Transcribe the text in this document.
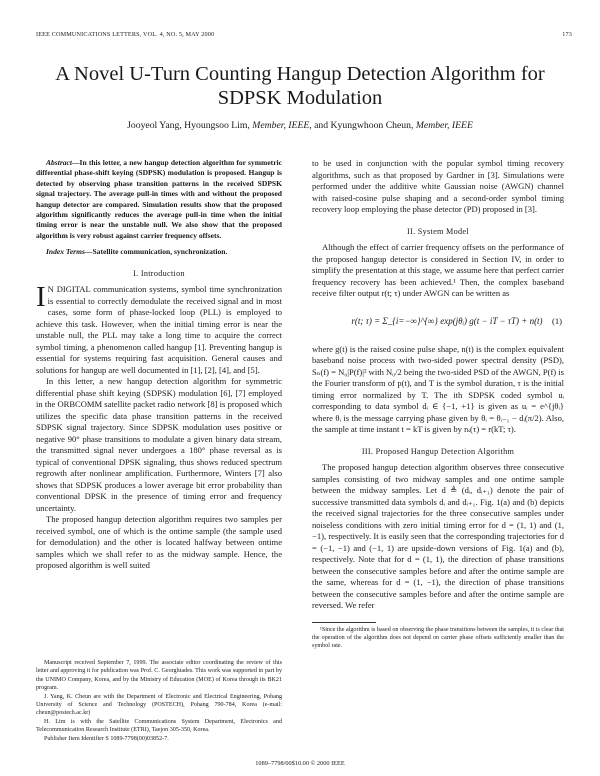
IEEE COMMUNICATIONS LETTERS, VOL. 4, NO. 5, MAY 2000	173
A Novel U-Turn Counting Hangup Detection Algorithm for SDPSK Modulation
Jooyeol Yang, Hyoungsoo Lim, Member, IEEE, and Kyungwhoon Cheun, Member, IEEE

Abstract—In this letter, a new hangup detection algorithm for symmetric differential phase-shift keying (SDPSK) modulation is proposed. Hangup is detected by observing phase transition patterns in the received SDPSK signal trajectory. The average pull-in times with and without the proposed hangup detector are compared. Simulation results show that the proposed algorithm significantly reduces the average pull-in time when the initial timing error is near the unstable null. We also show that the proposed algorithm is very robust against carrier frequency offsets.

Index Terms—Satellite communication, synchronization.

I. Introduction

I N DIGITAL communication systems, symbol time synchronization is essential to correctly demodulate the received signal and in most cases, some form of phase-locked loop (PLL) is employed to achieve this task. However, when the initial timing error is near the unstable null, the PLL may take a long time to acquire the correct symbol timing, a phenomenon called hangup [1]. Preventing hangup is essential for systems requiring fast acquisition. General causes and solutions for hangup are well documented in [1], [2], [4], and [5].

In this letter, a new hangup detection algorithm for symmetric differential phase shift keying (SDPSK) modulation [6], [7] employed in the ORBCOMM satellite packet radio network [8] is proposed which utilizes the specific data phase transition patterns in the received SDPSK signal trajectory. Since SDPSK modulation uses positive or negative 90° phase transitions to modulate a given binary data stream, the transmitted signal never undergoes a 180° phase reversal as is typical of conventional DPSK signaling, thus shows reduced spectrum regrowth after nonlinear amplification. Furthermore, Winters [7] also shows that SDPSK produces a lower average bit error probability than conventional DPSK in the presence of timing error and frequency uncertainty.

The proposed hangup detection algorithm requires two samples per received symbol, one of which is the ontime sample (the sample used for demodulation) and the other is located halfway between ontime samples which we shall refer to as the midway sample. Hence, the proposed algorithm is well suited

Manuscript received September 7, 1999. The associate editor coordinating the review of this letter and approving it for publication was Prof. C. Georghiades. This work was supported in part by the UNIMO Company, Korea, and by the Ministry of Education (MOE) of Korea through its BK21 program.

J. Yang, K. Cheun are with the Department of Electronic and Electrical Engineering, Pohang University of Science and Technology (POSTECH), Pohang 790-784, Korea (e-mail: cheun@postech.ac.kr)

H. Lim is with the Satellite Communications System Department, Electronics and Telecommunication Research Institute (ETRI), Taejon 305-350, Korea.

Publisher Item Identifier S 1089-7798(00)03852-7.

to be used in conjunction with the popular symbol timing recovery algorithms, such as that proposed by Gardner in [3]. Simulations were performed under the additive white Gaussian noise (AWGN) channel with raised-cosine pulse shaping and a second-order symbol timing recovery loop employing the phase detector (PD) proposed in [3].

II. System Model

Although the effect of carrier frequency offsets on the performance of the proposed hangup detector is considered in Section IV, in order to simplify the presentation at this stage, we assume here that perfect carrier frequency recovery has been achieved.¹ Then, the complex baseband receive filter output r(t; τ) under AWGN can be written as

r(t; τ) = Σ_{i=−∞}^{∞} exp(jθᵢ) g(t − iT − τT) + n(t)	(1)

where g(t) is the raised cosine pulse shape, n(t) is the complex equivalent baseband noise process with two-sided power spectral density (PSD), Sₙ(f) = N₀|P(f)|² with N₀/2 being the two-sided PSD of the AWGN, P(f) is the Fourier transform of p(t), and T is the symbol duration, τ is the initial timing error normalized by T. The ith SDPSK coded symbol uᵢ corresponding to data symbol dᵢ ∈ {−1, +1} is given as uᵢ = e^{jθᵢ} where θᵢ is the message carrying phase given by θᵢ = θᵢ₋₁ − dᵢ(π/2). Also, the sample at time instant t = kT is given by rₖ(τ) = r(kT; τ).

III. Proposed Hangup Detection Algorithm

The proposed hangup detection algorithm observes three consecutive samples consisting of two midway samples and one ontime sample between the midway samples. Let d ≜ (dᵢ, dᵢ₊₁) denote the pair of successive transmitted data symbols dᵢ and dᵢ₊₁. Fig. 1(a) and (b) depicts the received signal trajectories for the three consecutive samples under noiseless conditions with zero initial timing error for d = (1, 1) and (1, −1), respectively. It is easily seen that the corresponding trajectories for d = (−1, −1) and (−1, 1) are upside-down versions of Fig. 1(a) and (b), respectively. Note that for d = (1, 1), the direction of phase transitions between the consecutive samples before and after the ontime sample are the same, whereas for d = (1, −1), the direction of phase transitions between the consecutive samples before and after the ontime sample are reversed. We refer

¹Since the algorithm is based on observing the phase transitions between the samples, it is clear that the operation of the algorithm does not depend on carrier phase offsets sufficiently smaller than the symbol rate.

1089–7798/00$10.00 © 2000 IEEE
